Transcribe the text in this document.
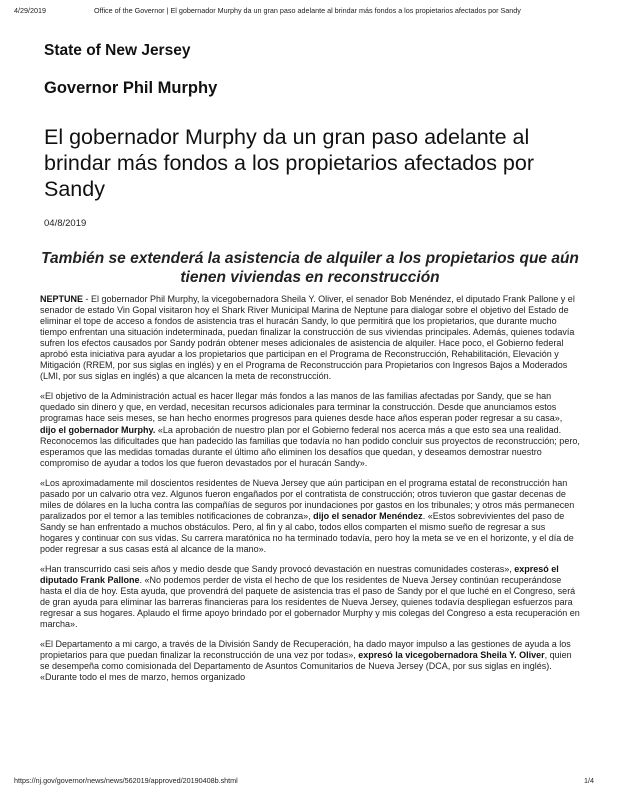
4/29/2019	Office of the Governor | El gobernador Murphy da un gran paso adelante al brindar más fondos a los propietarios afectados por Sandy
State of New Jersey
Governor Phil Murphy
El gobernador Murphy da un gran paso adelante al brindar más fondos a los propietarios afectados por Sandy
04/8/2019
También se extenderá la asistencia de alquiler a los propietarios que aún tienen viviendas en reconstrucción

NEPTUNE - El gobernador Phil Murphy, la vicegobernadora Sheila Y. Oliver, el senador Bob Menéndez, el diputado Frank Pallone y el senador de estado Vin Gopal visitaron hoy el Shark River Municipal Marina de Neptune para dialogar sobre el objetivo del Estado de eliminar el tope de acceso a fondos de asistencia tras el huracán Sandy, lo que permitirá que los propietarios, que durante mucho tiempo enfrentan una situación indeterminada, puedan finalizar la construcción de sus viviendas principales. Además, quienes todavía sufren los efectos causados por Sandy podrán obtener meses adicionales de asistencia de alquiler. Hace poco, el Gobierno federal aprobó esta iniciativa para ayudar a los propietarios que participan en el Programa de Reconstrucción, Rehabilitación, Elevación y Mitigación (RREM, por sus siglas en inglés) y en el Programa de Reconstrucción para Propietarios con Ingresos Bajos a Moderados (LMI, por sus siglas en inglés) a que alcancen la meta de reconstrucción.

«El objetivo de la Administración actual es hacer llegar más fondos a las manos de las familias afectadas por Sandy, que se han quedado sin dinero y que, en verdad, necesitan recursos adicionales para terminar la construcción. Desde que anunciamos estos programas hace seis meses, se han hecho enormes progresos para quienes desde hace años esperan poder regresar a su casa», dijo el gobernador Murphy. «La aprobación de nuestro plan por el Gobierno federal nos acerca más a que esto sea una realidad. Reconocemos las dificultades que han padecido las familias que todavía no han podido concluir sus proyectos de reconstrucción; pero, esperamos que las medidas tomadas durante el último año eliminen los desafíos que quedan, y deseamos demostrar nuestro compromiso de ayudar a todos los que fueron devastados por el huracán Sandy».

«Los aproximadamente mil doscientos residentes de Nueva Jersey que aún participan en el programa estatal de reconstrucción han pasado por un calvario otra vez. Algunos fueron engañados por el contratista de construcción; otros tuvieron que gastar decenas de miles de dólares en la lucha contra las compañías de seguros por inundaciones por gastos en los tribunales; y otros más permanecen paralizados por el temor a las temibles notificaciones de cobranza», dijo el senador Menéndez. «Estos sobrevivientes del paso de Sandy se han enfrentado a muchos obstáculos. Pero, al fin y al cabo, todos ellos comparten el mismo sueño de regresar a sus hogares y continuar con sus vidas. Su carrera maratónica no ha terminado todavía, pero hoy la meta se ve en el horizonte, y el día de poder regresar a sus casas está al alcance de la mano».

«Han transcurrido casi seis años y medio desde que Sandy provocó devastación en nuestras comunidades costeras», expresó el diputado Frank Pallone. «No podemos perder de vista el hecho de que los residentes de Nueva Jersey continúan recuperándose hasta el día de hoy. Esta ayuda, que provendrá del paquete de asistencia tras el paso de Sandy por el que luché en el Congreso, será de gran ayuda para eliminar las barreras financieras para los residentes de Nueva Jersey, quienes todavía despliegan esfuerzos para regresar a sus hogares. Aplaudo el firme apoyo brindado por el gobernador Murphy y mis colegas del Congreso a esta recuperación en marcha».

«El Departamento a mi cargo, a través de la División Sandy de Recuperación, ha dado mayor impulso a las gestiones de ayuda a los propietarios para que puedan finalizar la reconstrucción de una vez por todas», expresó la vicegobernadora Sheila Y. Oliver, quien se desempeña como comisionada del Departamento de Asuntos Comunitarios de Nueva Jersey (DCA, por sus siglas en inglés). «Durante todo el mes de marzo, hemos organizado

https://nj.gov/governor/news/news/562019/approved/20190408b.shtml	1/4
